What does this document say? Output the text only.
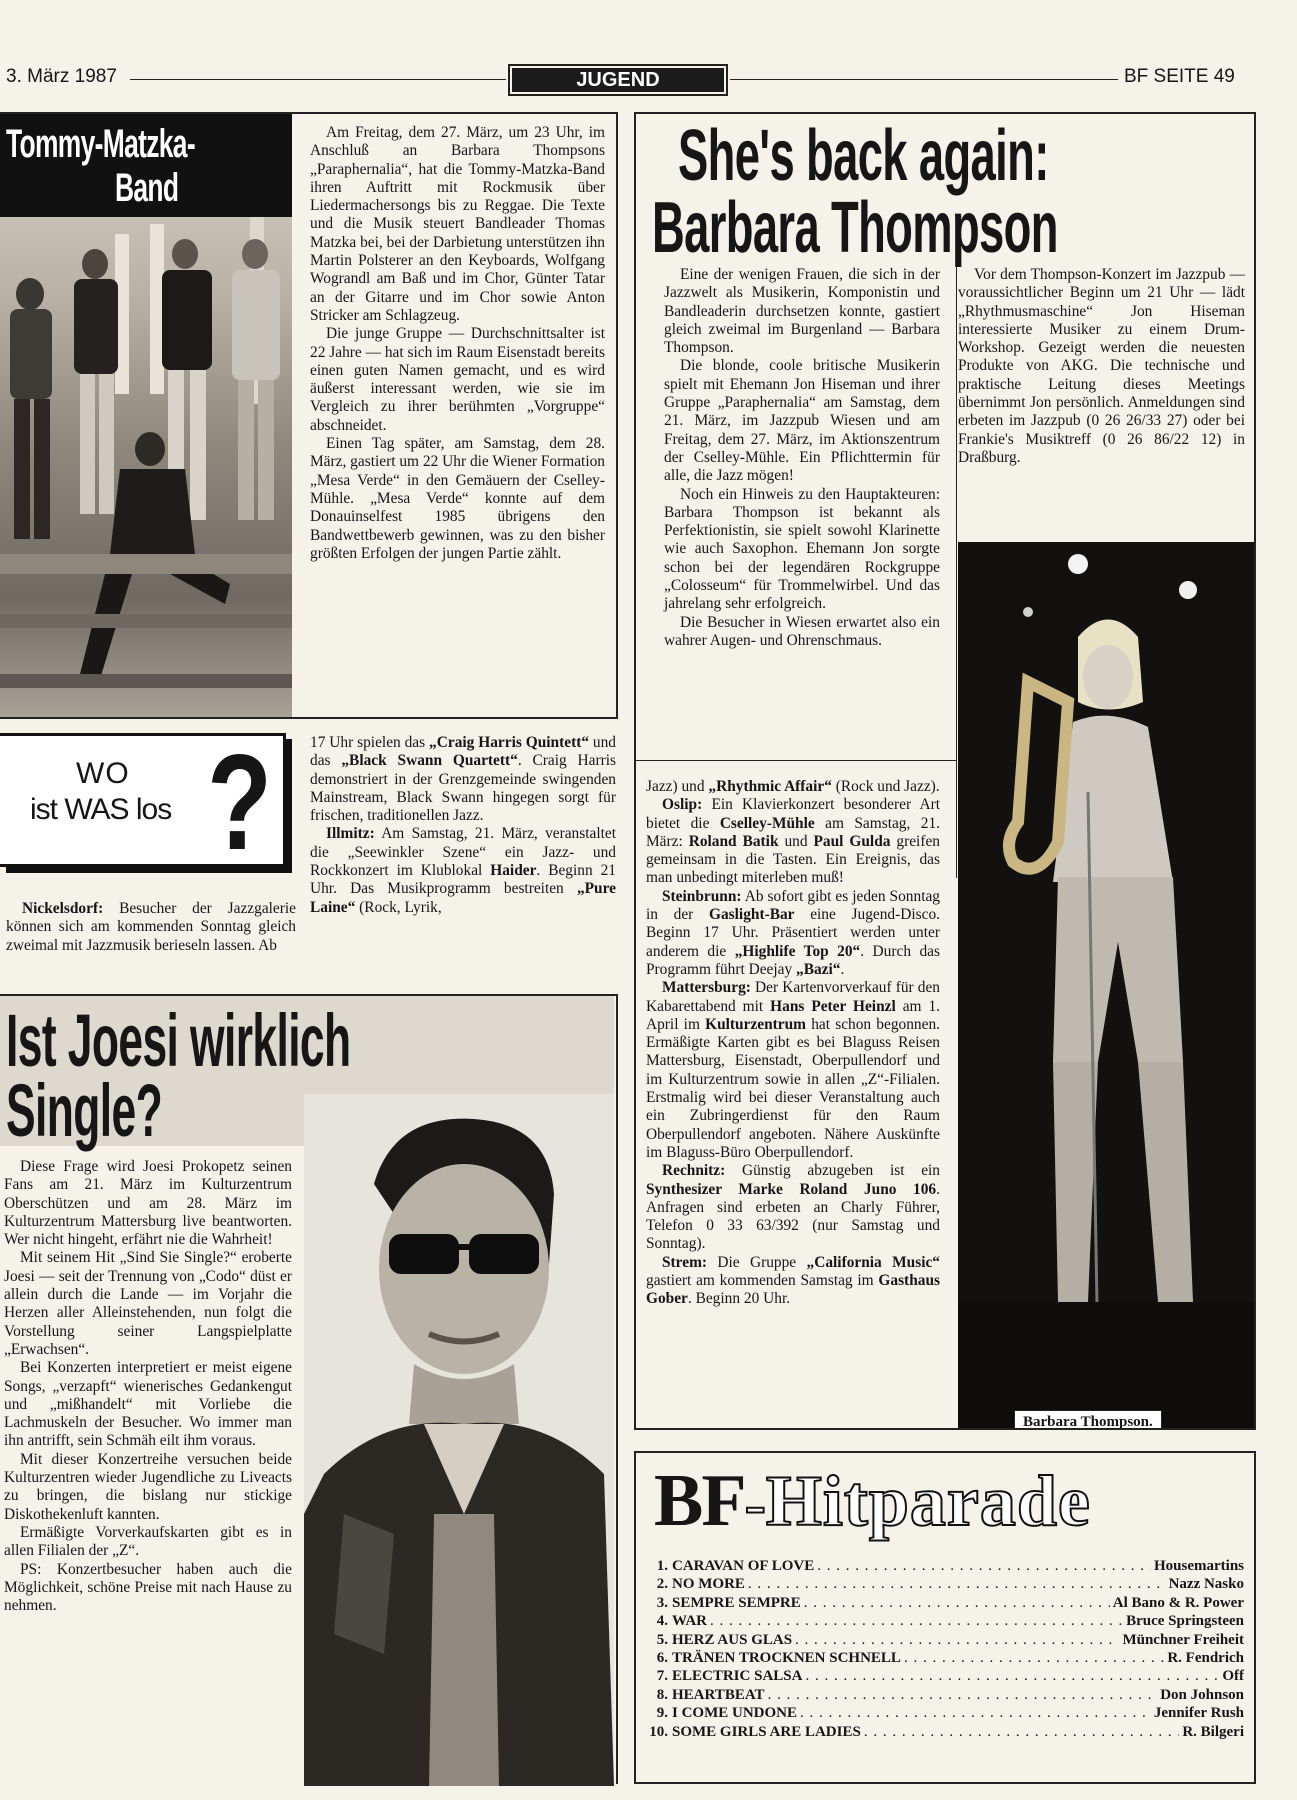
3. März 1987	JUGEND	BF SEITE 49
Tommy-Matzka-
Band

Am Freitag, dem 27. März, um 23 Uhr, im Anschluß an Barbara Thompsons „Paraphernalia“, hat die Tommy-Matzka-Band ihren Auftritt mit Rockmusik über Liedermachersongs bis zu Reggae. Die Texte und die Musik steuert Bandleader Thomas Matzka bei, bei der Darbietung unterstützen ihn Martin Polsterer an den Keyboards, Wolfgang Wograndl am Baß und im Chor, Günter Tatar an der Gitarre und im Chor sowie Anton Stricker am Schlagzeug.

Die junge Gruppe — Durchschnittsalter ist 22 Jahre — hat sich im Raum Eisenstadt bereits einen guten Namen gemacht, und es wird äußerst interessant werden, wie sie im Vergleich zu ihrer berühmten „Vorgruppe“ abschneidet.

Einen Tag später, am Samstag, dem 28. März, gastiert um 22 Uhr die Wiener Formation „Mesa Verde“ in den Gemäuern der Cselley-Mühle. „Mesa Verde“ konnte auf dem Donauinselfest 1985 übrigens den Bandwettbewerb gewinnen, was zu den bisher größten Erfolgen der jungen Partie zählt.

She's back again:
Barbara Thompson

Eine der wenigen Frauen, die sich in der Jazzwelt als Musikerin, Komponistin und Bandleaderin durchsetzen konnte, gastiert gleich zweimal im Burgenland — Barbara Thompson.

Die blonde, coole britische Musikerin spielt mit Ehemann Jon Hiseman und ihrer Gruppe „Paraphernalia“ am Samstag, dem 21. März, im Jazzpub Wiesen und am Freitag, dem 27. März, im Aktionszentrum der Cselley-Mühle. Ein Pflichttermin für alle, die Jazz mögen!

Noch ein Hinweis zu den Hauptakteuren: Barbara Thompson ist bekannt als Perfektionistin, sie spielt sowohl Klarinette wie auch Saxophon. Ehemann Jon sorgte schon bei der legendären Rockgruppe „Colosseum“ für Trommelwirbel. Und das jahrelang sehr erfolgreich.

Die Besucher in Wiesen erwartet also ein wahrer Augen- und Ohrenschmaus.

Vor dem Thompson-Konzert im Jazzpub — voraussichtlicher Beginn um 21 Uhr — lädt „Rhythmusmaschine“ Jon Hiseman interessierte Musiker zu einem Drum-Workshop. Gezeigt werden die neuesten Produkte von AKG. Die technische und praktische Leitung dieses Meetings übernimmt Jon persönlich. Anmeldungen sind erbeten im Jazzpub (0 26 26/33 27) oder bei Frankie's Musiktreff (0 26 86/22 12) in Draßburg.

Barbara Thompson.
WO
ist WAS los ?

Nickelsdorf: Besucher der Jazzgalerie können sich am kommenden Sonntag gleich zweimal mit Jazzmusik berieseln lassen. Ab

17 Uhr spielen das „Craig Harris Quintett“ und das „Black Swann Quartett“. Craig Harris demonstriert in der Grenzgemeinde swingenden Mainstream, Black Swann hingegen sorgt für frischen, traditionellen Jazz.

Illmitz: Am Samstag, 21. März, veranstaltet die „Seewinkler Szene“ ein Jazz- und Rockkonzert im Klublokal Haider. Beginn 21 Uhr. Das Musikprogramm bestreiten „Pure Laine“ (Rock, Lyrik,

Jazz) und „Rhythmic Affair“ (Rock und Jazz).

Oslip: Ein Klavierkonzert besonderer Art bietet die Cselley-Mühle am Samstag, 21. März: Roland Batik und Paul Gulda greifen gemeinsam in die Tasten. Ein Ereignis, das man unbedingt miterleben muß!

Steinbrunn: Ab sofort gibt es jeden Sonntag in der Gaslight-Bar eine Jugend-Disco. Beginn 17 Uhr. Präsentiert werden unter anderem die „Highlife Top 20“. Durch das Programm führt Deejay „Bazi“.

Mattersburg: Der Kartenvorverkauf für den Kabarettabend mit Hans Peter Heinzl am 1. April im Kulturzentrum hat schon begonnen. Ermäßigte Karten gibt es bei Blaguss Reisen Mattersburg, Eisenstadt, Oberpullendorf und im Kulturzentrum sowie in allen „Z“-Filialen. Erstmalig wird bei dieser Veranstaltung auch ein Zubringerdienst für den Raum Oberpullendorf angeboten. Nähere Auskünfte im Blaguss-Büro Oberpullendorf.

Rechnitz: Günstig abzugeben ist ein Synthesizer Marke Roland Juno 106. Anfragen sind erbeten an Charly Führer, Telefon 0 33 63/392 (nur Samstag und Sonntag).

Strem: Die Gruppe „California Music“ gastiert am kommenden Samstag im Gasthaus Gober. Beginn 20 Uhr.

Ist Joesi wirklich
Single?

Diese Frage wird Joesi Prokopetz seinen Fans am 21. März im Kulturzentrum Oberschützen und am 28. März im Kulturzentrum Mattersburg live beantworten. Wer nicht hingeht, erfährt nie die Wahrheit!

Mit seinem Hit „Sind Sie Single?“ eroberte Joesi — seit der Trennung von „Codo“ düst er allein durch die Lande — im Vorjahr die Herzen aller Alleinstehenden, nun folgt die Vorstellung seiner Langspielplatte „Erwachsen“.

Bei Konzerten interpretiert er meist eigene Songs, „verzapft“ wienerisches Gedankengut und „mißhandelt“ mit Vorliebe die Lachmuskeln der Besucher. Wo immer man ihn antrifft, sein Schmäh eilt ihm voraus.

Mit dieser Konzertreihe versuchen beide Kulturzentren wieder Jugendliche zu Liveacts zu bringen, die bislang nur stickige Diskothekenluft kannten.

Ermäßigte Vorverkaufskarten gibt es in allen Filialen der „Z“.

PS: Konzertbesucher haben auch die Möglichkeit, schöne Preise mit nach Hause zu nehmen.

BF-Hitparade
1. CARAVAN OF LOVE . . .	Housemartins
2. NO MORE . . .	Nazz Nasko
3. SEMPRE SEMPRE . . .	Al Bano & R. Power
4. WAR . . .	Bruce Springsteen
5. HERZ AUS GLAS . . .	Münchner Freiheit
6. TRÄNEN TROCKNEN SCHNELL . . .	R. Fendrich
7. ELECTRIC SALSA . . .	Off
8. HEARTBEAT . . .	Don Johnson
9. I COME UNDONE . . .	Jennifer Rush
10. SOME GIRLS ARE LADIES . . .	R. Bilgeri
